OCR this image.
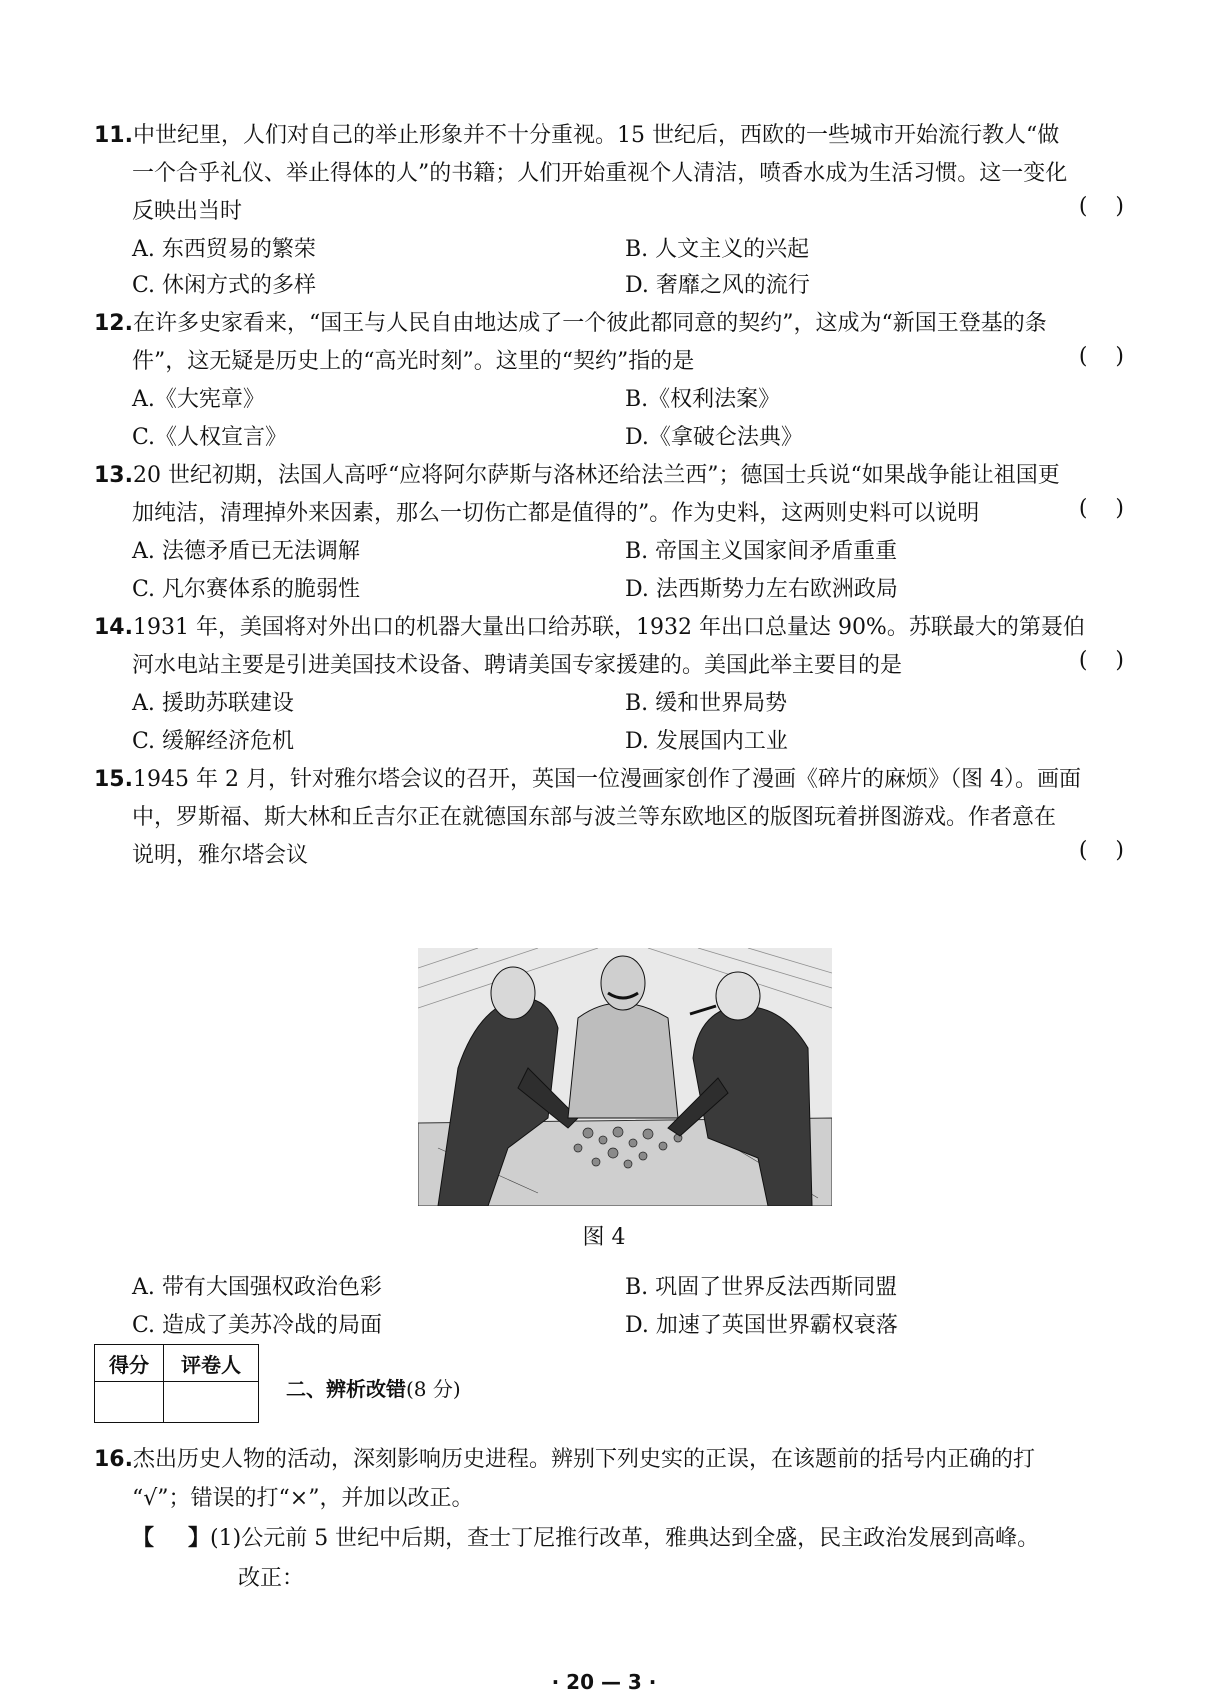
11.中世纪里，人们对自己的举止形象并不十分重视。15 世纪后，西欧的一些城市开始流行教人“做
一个合乎礼仪、举止得体的人”的书籍；人们开始重视个人清洁，喷香水成为生活习惯。这一变化
反映出当时	(    )
A. 东西贸易的繁荣	B. 人文主义的兴起
C. 休闲方式的多样	D. 奢靡之风的流行
12.在许多史家看来，“国王与人民自由地达成了一个彼此都同意的契约”，这成为“新国王登基的条
件”，这无疑是历史上的“高光时刻”。这里的“契约”指的是	(    )
A.《大宪章》	B.《权利法案》
C.《人权宣言》	D.《拿破仑法典》
13.20 世纪初期，法国人高呼“应将阿尔萨斯与洛林还给法兰西”；德国士兵说“如果战争能让祖国更
加纯洁，清理掉外来因素，那么一切伤亡都是值得的”。作为史料，这两则史料可以说明	(    )
A. 法德矛盾已无法调解	B. 帝国主义国家间矛盾重重
C. 凡尔赛体系的脆弱性	D. 法西斯势力左右欧洲政局
14.1931 年，美国将对外出口的机器大量出口给苏联，1932 年出口总量达 90%。苏联最大的第聂伯
河水电站主要是引进美国技术设备、聘请美国专家援建的。美国此举主要目的是	(    )
A. 援助苏联建设	B. 缓和世界局势
C. 缓解经济危机	D. 发展国内工业
15.1945 年 2 月，针对雅尔塔会议的召开，英国一位漫画家创作了漫画《碎片的麻烦》（图 4）。画面
中，罗斯福、斯大林和丘吉尔正在就德国东部与波兰等东欧地区的版图玩着拼图游戏。作者意在
说明，雅尔塔会议	(    )
图 4
A. 带有大国强权政治色彩	B. 巩固了世界反法西斯同盟
C. 造成了美苏冷战的局面	D. 加速了英国世界霸权衰落
得分	评卷人

二、辨析改错(8 分)
16.杰出历史人物的活动，深刻影响历史进程。辨别下列史实的正误，在该题前的括号内正确的打
“√”；错误的打“×”，并加以改正。
【 】(1)公元前 5 世纪中后期，查士丁尼推行改革，雅典达到全盛，民主政治发展到高峰。
改正：
· 20 — 3 ·
